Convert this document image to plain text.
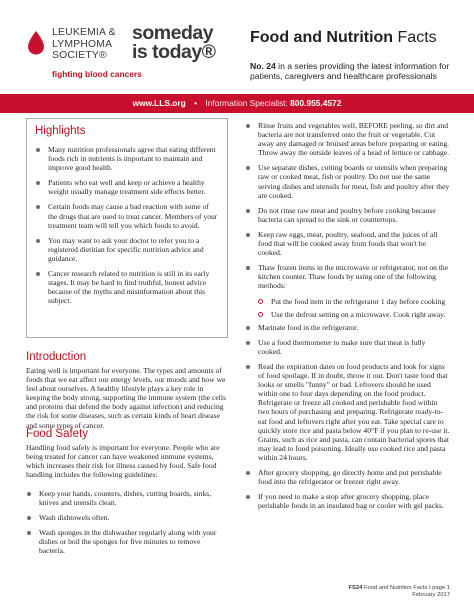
LEUKEMIA &
LYMPHOMA
SOCIETY®
fighting blood cancers
someday
is today®
Food and Nutrition Facts
No. 24 in a series providing the latest information for patients, caregivers and healthcare professionals
www.LLS.org • Information Specialist: 800.955.4572
Highlights
Many nutrition professionals agree that eating different foods rich in nutrients is important to maintain and improve good health.
Patients who eat well and keep or achieve a healthy weight usually manage treatment side effects better.
Certain foods may cause a bad reaction with some of the drugs that are used to treat cancer. Members of your treatment team will tell you which foods to avoid.
You may want to ask your doctor to refer you to a registered dietitian for specific nutrition advice and guidance.
Cancer research related to nutrition is still in its early stages. It may be hard to find truthful, honest advice because of the myths and misinformation about this subject.
Introduction

Eating well is important for everyone. The types and amounts of foods that we eat affect our energy levels, our moods and how we feel about ourselves. A healthy lifestyle plays a key role in keeping the body strong, supporting the immune system (the cells and proteins that defend the body against infection) and reducing the risk for some diseases, such as certain kinds of heart disease and some types of cancer.

Food Safety

Handling food safely is important for everyone. People who are being treated for cancer can have weakened immune systems, which increases their risk for illness caused by food. Safe food handling includes the following guidelines:

Keep your hands, counters, dishes, cutting boards, sinks, knives and utensils clean.
Wash dishtowels often.
Wash sponges in the dishwasher regularly along with your dishes or boil the sponges for five minutes to remove bacteria.
Rinse fruits and vegetables well, BEFORE peeling, so dirt and bacteria are not transferred onto the fruit or vegetable. Cut away any damaged or bruised areas before preparing or eating. Throw away the outside leaves of a head of lettuce or cabbage.
Use separate dishes, cutting boards or utensils when preparing raw or cooked meat, fish or poultry. Do not use the same serving dishes and utensils for meat, fish and poultry after they are cooked.
Do not rinse raw meat and poultry before cooking because bacteria can spread to the sink or countertops.
Keep raw eggs, meat, poultry, seafood, and the juices of all food that will be cooked away from foods that won't be cooked.
Thaw frozen items in the microwave or refrigerator, not on the kitchen counter. Thaw foods by using one of the following methods:
Put the food item in the refrigerator 1 day before cooking
Use the defrost setting on a microwave. Cook right away.
Marinate food in the refrigerator.
Use a food thermometer to make sure that meat is fully cooked.
Read the expiration dates on food products and look for signs of food spoilage. If in doubt, throw it out. Don't taste food that looks or smells "funny" or bad. Leftovers should be used within one to four days depending on the food product. Refrigerate or freeze all cooked and perishable food within two hours of purchasing and preparing. Refrigerate ready-to-eat food and leftovers right after you eat. Take special care to quickly store rice and pasta below 40°F if you plan to re-use it. Grains, such as rice and pasta, can contain bacterial spores that may lead to food poisoning. Ideally use cooked rice and pasta within 24 hours.
After grocery shopping, go directly home and put perishable food into the refrigerator or freezer right away.
If you need to make a stop after grocery shopping, place perishable foods in an insulated bag or cooler with gel packs.
FS24 Food and Nutrition Facts I page 1
February 2017
